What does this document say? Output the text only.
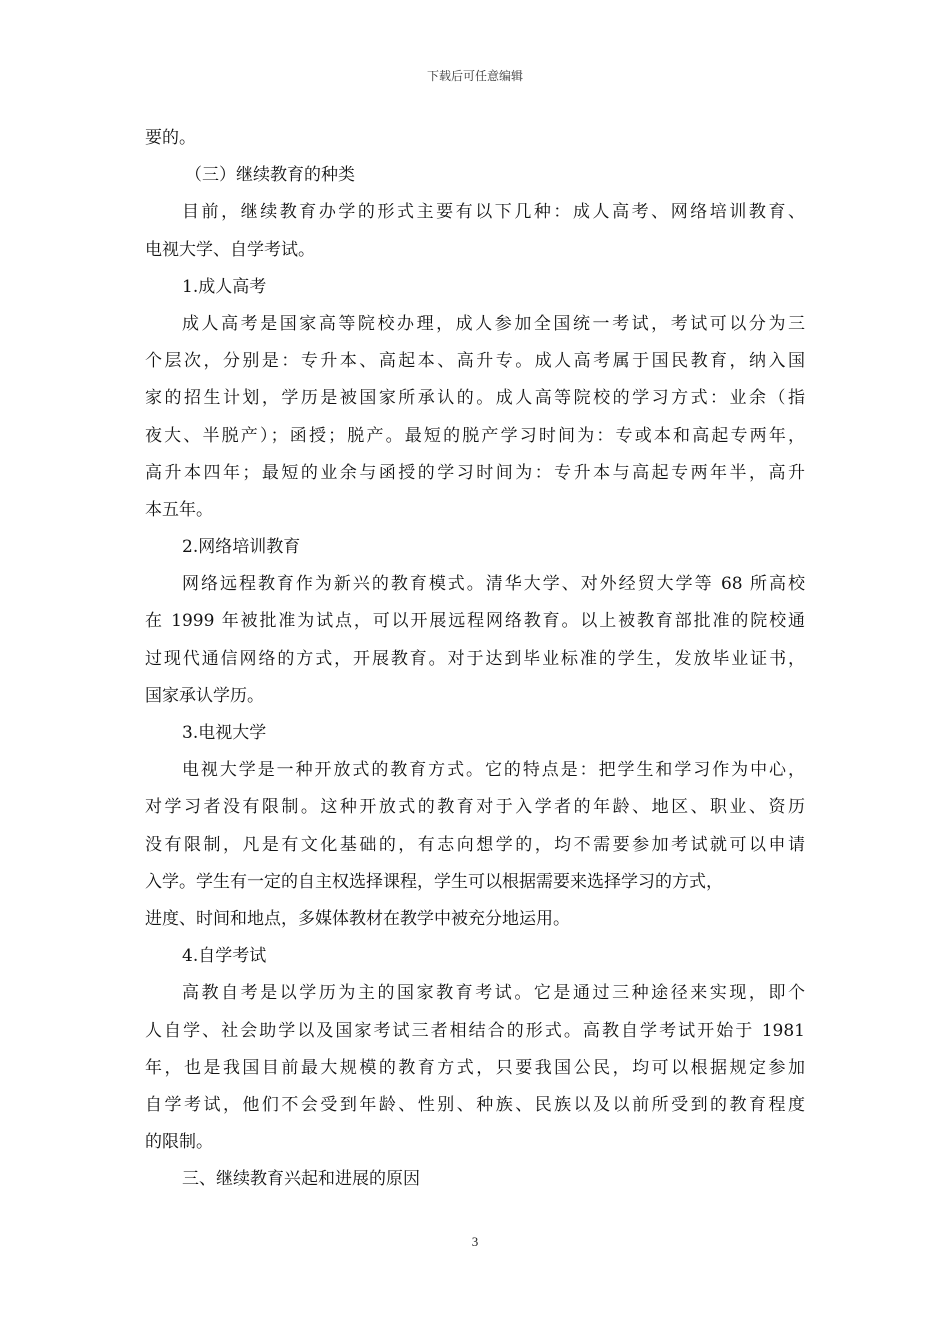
下载后可任意编辑
要的。
（三）继续教育的种类
目前，继续教育办学的形式主要有以下几种：成人高考、网络培训教育、
电视大学、自学考试。
1.成人高考
成人高考是国家高等院校办理，成人参加全国统一考试，考试可以分为三
个层次，分别是：专升本、高起本、高升专。成人高考属于国民教育，纳入国
家的招生计划，学历是被国家所承认的。成人高等院校的学习方式：业余（指
夜大、半脱产）；函授；脱产。最短的脱产学习时间为：专或本和高起专两年，
高升本四年；最短的业余与函授的学习时间为：专升本与高起专两年半，高升
本五年。
2.网络培训教育
网络远程教育作为新兴的教育模式。清华大学、对外经贸大学等 68 所高校
在 1999 年被批准为试点，可以开展远程网络教育。以上被教育部批准的院校通
过现代通信网络的方式，开展教育。对于达到毕业标准的学生，发放毕业证书，
国家承认学历。
3.电视大学
电视大学是一种开放式的教育方式。它的特点是：把学生和学习作为中心，
对学习者没有限制。这种开放式的教育对于入学者的年龄、地区、职业、资历
没有限制，凡是有文化基础的，有志向想学的，均不需要参加考试就可以申请
入学。学生有一定的自主权选择课程，学生可以根据需要来选择学习的方式，
进度、时间和地点，多媒体教材在教学中被充分地运用。
4.自学考试
高教自考是以学历为主的国家教育考试。它是通过三种途径来实现，即个
人自学、社会助学以及国家考试三者相结合的形式。高教自学考试开始于 1981
年，也是我国目前最大规模的教育方式，只要我国公民，均可以根据规定参加
自学考试，他们不会受到年龄、性别、种族、民族以及以前所受到的教育程度
的限制。
三、继续教育兴起和进展的原因
3
